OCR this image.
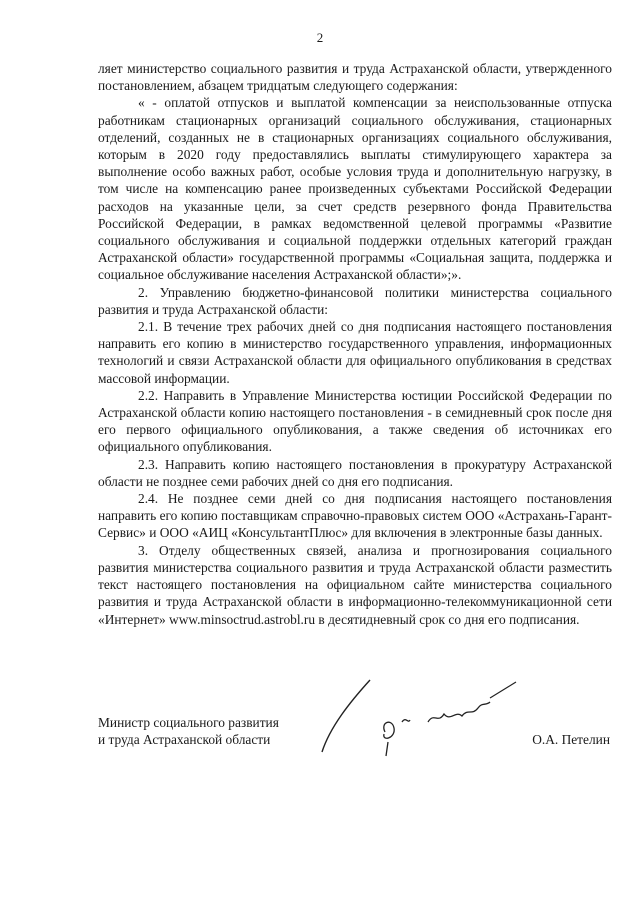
2

ляет министерство социального развития и труда Астраханской области, утвержденного постановлением, абзацем тридцатым следующего содержания:

« - оплатой отпусков и выплатой компенсации за неиспользованные отпуска работникам стационарных организаций социального обслуживания, стационарных отделений, созданных не в стационарных организациях социального обслуживания, которым в 2020 году предоставлялись выплаты стимулирующего характера за выполнение особо важных работ, особые условия труда и дополнительную нагрузку, в том числе на компенсацию ранее произведенных субъектами Российской Федерации расходов на указанные цели, за счет средств резервного фонда Правительства Российской Федерации, в рамках ведомственной целевой программы «Развитие социального обслуживания и социальной поддержки отдельных категорий граждан Астраханской области» государственной программы «Социальная защита, поддержка и социальное обслуживание населения Астраханской области»;».

2. Управлению бюджетно-финансовой политики министерства социального развития и труда Астраханской области:

2.1. В течение трех рабочих дней со дня подписания настоящего постановления направить его копию в министерство государственного управления, информационных технологий и связи Астраханской области для официального опубликования в средствах массовой информации.

2.2. Направить в Управление Министерства юстиции Российской Федерации по Астраханской области копию настоящего постановления - в семидневный срок после дня его первого официального опубликования, а также сведения об источниках его официального опубликования.

2.3. Направить копию настоящего постановления в прокуратуру Астраханской области не позднее семи рабочих дней со дня его подписания.

2.4. Не позднее семи дней со дня подписания настоящего постановления направить его копию поставщикам справочно-правовых систем ООО «Астрахань-Гарант-Сервис» и ООО «АИЦ «КонсультантПлюс» для включения в электронные базы данных.

3. Отделу общественных связей, анализа и прогнозирования социального развития министерства социального развития и труда Астраханской области разместить текст настоящего постановления на официальном сайте министерства социального развития и труда Астраханской области в информационно-телекоммуникационной сети «Интернет» www.minsoctrud.astrobl.ru в десятидневный срок со дня его подписания.

Министр социального развития
и труда Астраханской области	О.А. Петелин
